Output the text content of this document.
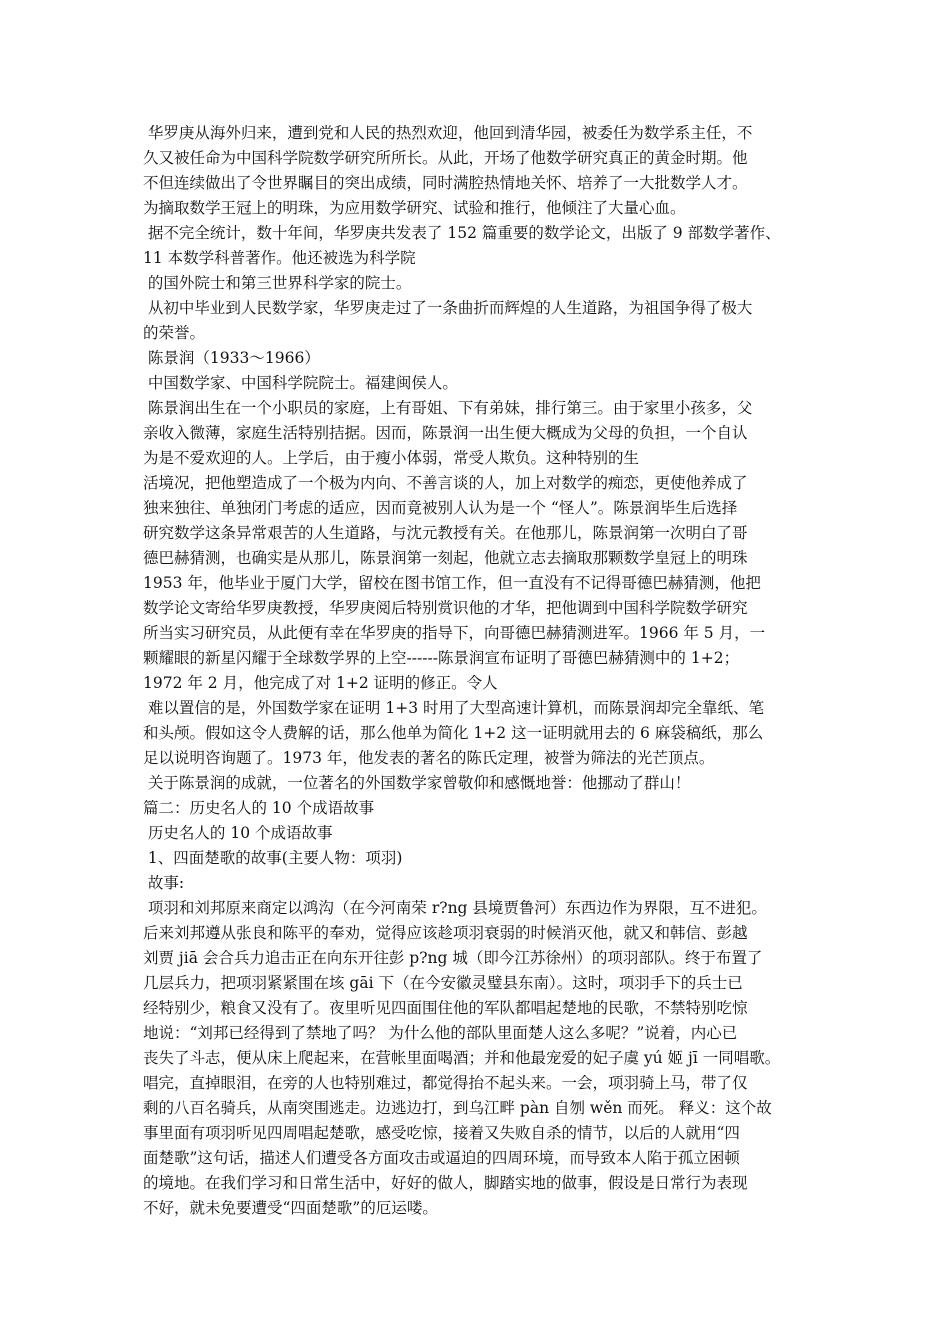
华罗庚从海外归来，遭到党和人民的热烈欢迎，他回到清华园，被委任为数学系主任，不
久又被任命为中国科学院数学研究所所长。从此，开场了他数学研究真正的黄金时期。他
不但连续做出了令世界瞩目的突出成绩，同时满腔热情地关怀、培养了一大批数学人才。
为摘取数学王冠上的明珠，为应用数学研究、试验和推行，他倾注了大量心血。
据不完全统计，数十年间，华罗庚共发表了 152 篇重要的数学论文，出版了 9 部数学著作、
11 本数学科普著作。他还被选为科学院
的国外院士和第三世界科学家的院士。
从初中毕业到人民数学家，华罗庚走过了一条曲折而辉煌的人生道路，为祖国争得了极大
的荣誉。
陈景润（1933～1966）
中国数学家、中国科学院院士。福建闽侯人。
陈景润出生在一个小职员的家庭，上有哥姐、下有弟妹，排行第三。由于家里小孩多，父
亲收入微薄，家庭生活特别拮据。因而，陈景润一出生便大概成为父母的负担，一个自认
为是不爱欢迎的人。上学后，由于瘦小体弱，常受人欺负。这种特别的生
活境况，把他塑造成了一个极为内向、不善言谈的人，加上对数学的痴恋，更使他养成了
独来独往、单独闭门考虑的适应，因而竟被别人认为是一个 “怪人”。陈景润毕生后选择
研究数学这条异常艰苦的人生道路，与沈元教授有关。在他那儿，陈景润第一次明白了哥
德巴赫猜测，也确实是从那儿，陈景润第一刻起，他就立志去摘取那颗数学皇冠上的明珠
1953 年，他毕业于厦门大学，留校在图书馆工作，但一直没有不记得哥德巴赫猜测，他把
数学论文寄给华罗庚教授，华罗庚阅后特别赏识他的才华，把他调到中国科学院数学研究
所当实习研究员，从此便有幸在华罗庚的指导下，向哥德巴赫猜测进军。1966 年 5 月，一
颗耀眼的新星闪耀于全球数学界的上空------陈景润宣布证明了哥德巴赫猜测中的 1+2；
1972 年 2 月，他完成了对 1+2 证明的修正。令人
难以置信的是，外国数学家在证明 1+3 时用了大型高速计算机，而陈景润却完全靠纸、笔
和头颅。假如这令人费解的话，那么他单为简化 1+2 这一证明就用去的 6 麻袋稿纸，那么
足以说明咨询题了。1973 年，他发表的著名的陈氏定理，被誉为筛法的光芒顶点。
关于陈景润的成就，一位著名的外国数学家曾敬仰和感慨地誉：他挪动了群山！
篇二：历史名人的 10 个成语故事
历史名人的 10 个成语故事
1、四面楚歌的故事(主要人物：项羽)
故事:
项羽和刘邦原来商定以鸿沟（在今河南荣 r?ng 县境贾鲁河）东西边作为界限，互不进犯。
后来刘邦遵从张良和陈平的奉劝，觉得应该趁项羽衰弱的时候消灭他，就又和韩信、彭越
刘贾 jiā 会合兵力追击正在向东开往彭 p?ng 城（即今江苏徐州）的项羽部队。终于布置了
几层兵力，把项羽紧紧围在垓 gāi 下（在今安徽灵璧县东南）。这时，项羽手下的兵士已
经特别少，粮食又没有了。夜里听见四面围住他的军队都唱起楚地的民歌，不禁特别吃惊
地说：“刘邦已经得到了禁地了吗？ 为什么他的部队里面楚人这么多呢？”说着，内心已
丧失了斗志，便从床上爬起来，在营帐里面喝酒；并和他最宠爱的妃子虞 yú 姬 jī 一同唱歌。
唱完，直掉眼泪，在旁的人也特别难过，都觉得抬不起头来。一会，项羽骑上马，带了仅
剩的八百名骑兵，从南突围逃走。边逃边打，到乌江畔 pàn 自刎 wěn 而死。 释义：这个故
事里面有项羽听见四周唱起楚歌，感受吃惊，接着又失败自杀的情节，以后的人就用“四
面楚歌”这句话，描述人们遭受各方面攻击或逼迫的四周环境，而导致本人陷于孤立困顿
的境地。在我们学习和日常生活中，好好的做人，脚踏实地的做事，假设是日常行为表现
不好，就未免要遭受“四面楚歌”的厄运喽。
